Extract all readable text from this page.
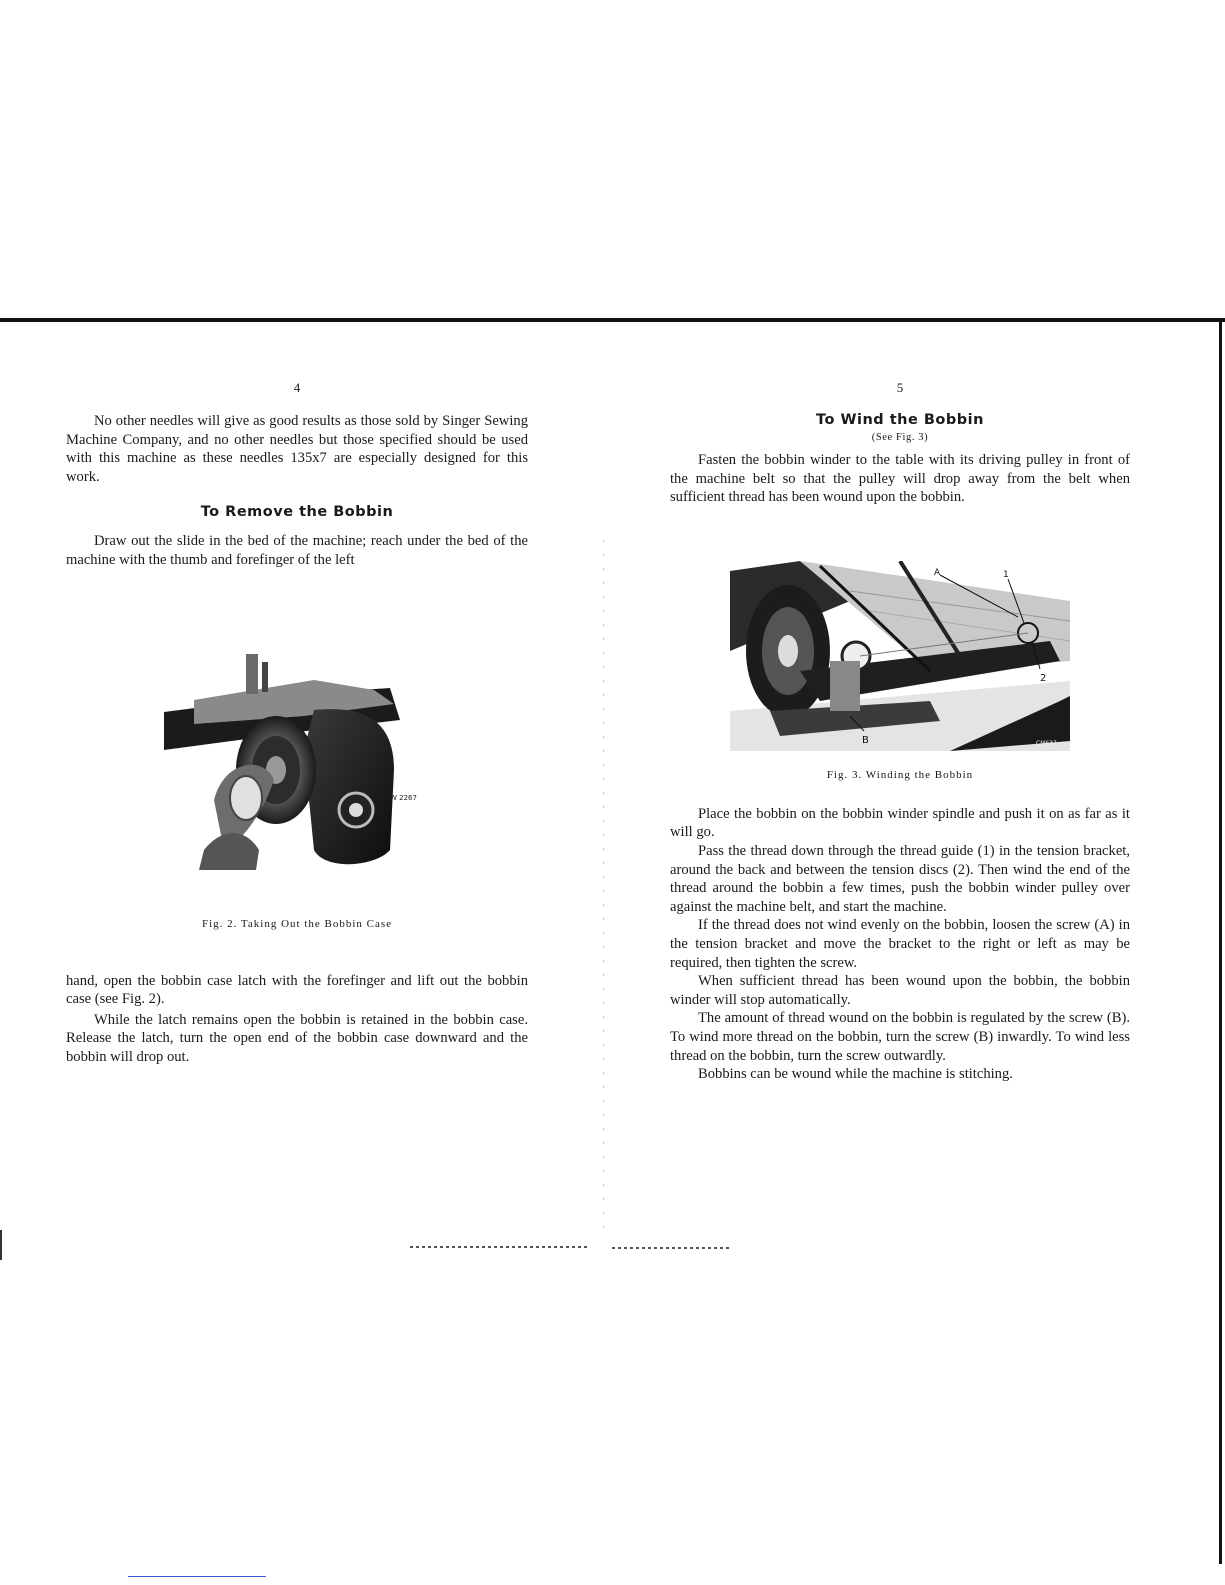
4

No other needles will give as good results as those sold by Singer Sewing Machine Company, and no other needles but those specified should be used with this machine as these needles 135x7 are especially designed for this work.

To Remove the Bobbin

Draw out the slide in the bed of the machine; reach under the bed of the machine with the thumb and forefinger of the left

W 2267
Fig. 2. Taking Out the Bobbin Case

hand, open the bobbin case latch with the forefinger and lift out the bobbin case (see Fig. 2).

While the latch remains open the bobbin is retained in the bobbin case. Release the latch, turn the open end of the bobbin case downward and the bobbin will drop out.

5
To Wind the Bobbin
(See Fig. 3)

Fasten the bobbin winder to the table with its driving pulley in front of the machine belt so that the pulley will drop away from the belt when sufficient thread has been wound upon the bobbin.

A	1
2
B	CM637
Fig. 3. Winding the Bobbin

Place the bobbin on the bobbin winder spindle and push it on as far as it will go.

Pass the thread down through the thread guide (1) in the tension bracket, around the back and between the tension discs (2). Then wind the end of the thread around the bobbin a few times, push the bobbin winder pulley over against the machine belt, and start the machine.

If the thread does not wind evenly on the bobbin, loosen the screw (A) in the tension bracket and move the bracket to the right or left as may be required, then tighten the screw.

When sufficient thread has been wound upon the bobbin, the bobbin winder will stop automatically.

The amount of thread wound on the bobbin is regulated by the screw (B). To wind more thread on the bobbin, turn the screw (B) inwardly. To wind less thread on the bobbin, turn the screw outwardly.

Bobbins can be wound while the machine is stitching.
